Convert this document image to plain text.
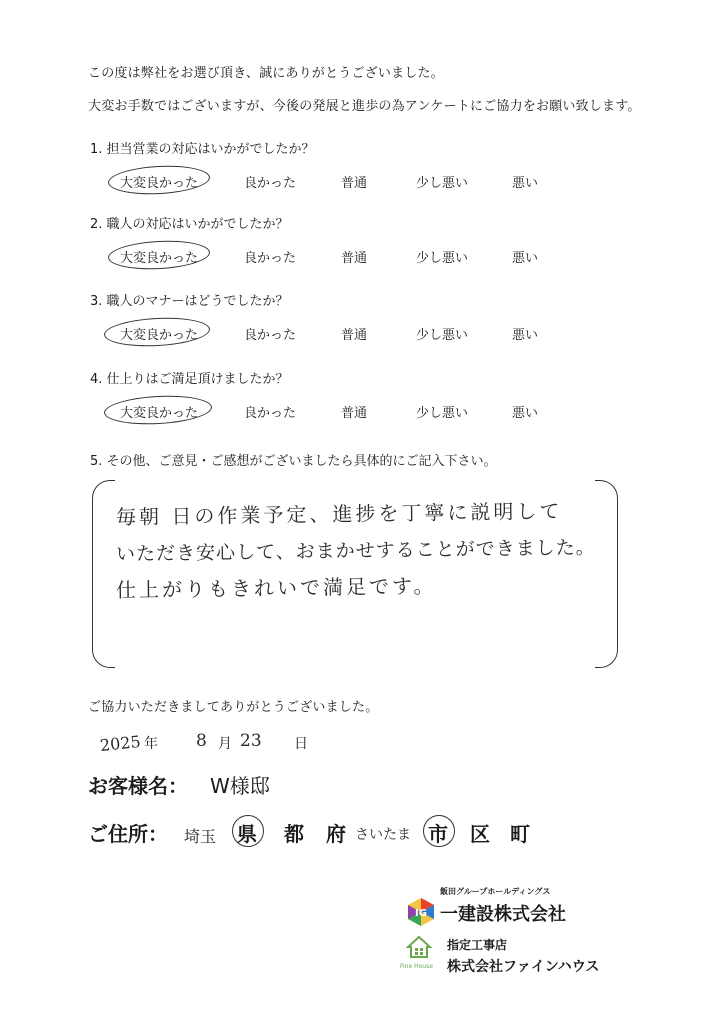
この度は弊社をお選び頂き、誠にありがとうございました。
大変お手数ではございますが、今後の発展と進歩の為アンケートにご協力をお願い致します。
1. 担当営業の対応はいかがでしたか？
大変良かった	良かった	普通	少し悪い	悪い
2. 職人の対応はいかがでしたか？
大変良かった	良かった	普通	少し悪い	悪い
3. 職人のマナーはどうでしたか？
大変良かった	良かった	普通	少し悪い	悪い
4. 仕上りはご満足頂けましたか？
大変良かった	良かった	普通	少し悪い	悪い
5. その他、ご意見・ご感想がございましたら具体的にご記入下さい。
毎朝 日の作業予定、進捗を丁寧に説明して
いただき安心して、おまかせすることができました。
仕上がりもきれいで満足です。
ご協力いただきましてありがとうございました。
2025 年 8 月 23 日
お客様名： W様邸
ご住所： 埼玉 県 都 府 さいたま 市 区 町
飯田グループホールディングス
IG 一建設株式会社
Fine House
指定工事店
株式会社ファインハウス
